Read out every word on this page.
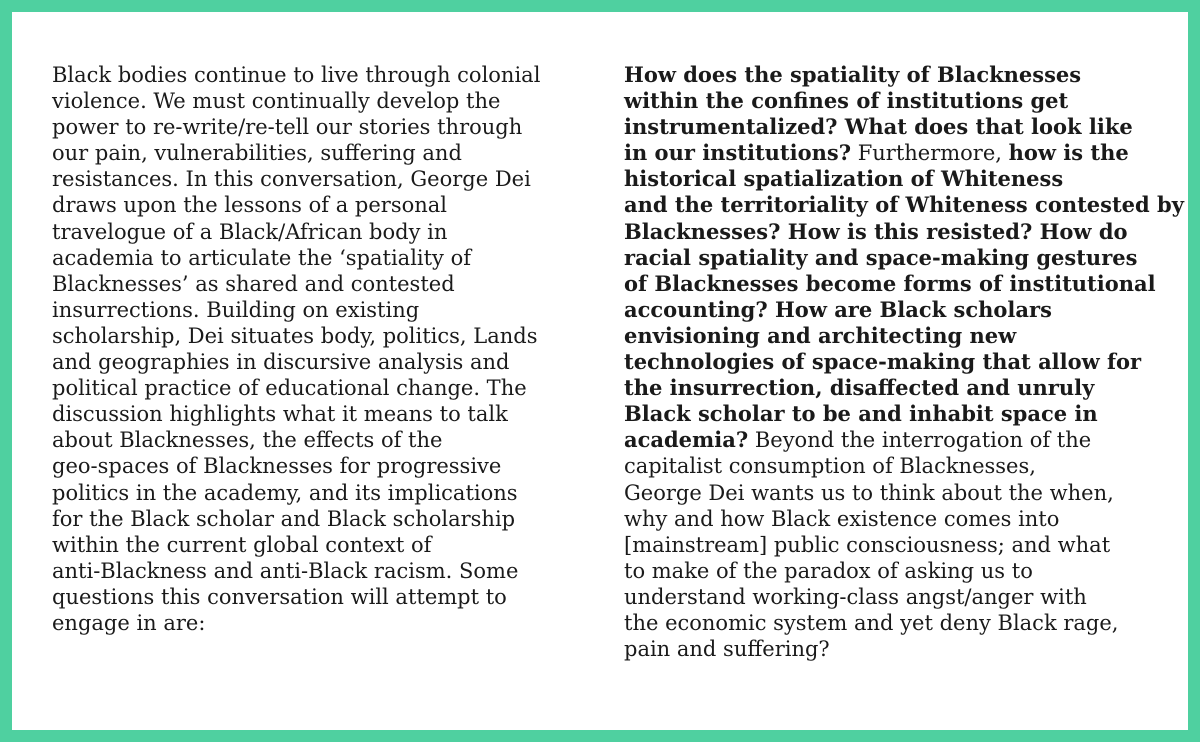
Black bodies continue to live through colonial
violence. We must continually develop the
power to re-write/re-tell our stories through
our pain, vulnerabilities, suffering and
resistances. In this conversation, George Dei
draws upon the lessons of a personal
travelogue of a Black/African body in
academia to articulate the ‘spatiality of
Blacknesses’ as shared and contested
insurrections. Building on existing
scholarship, Dei situates body, politics, Lands
and geographies in discursive analysis and
political practice of educational change. The
discussion highlights what it means to talk
about Blacknesses, the effects of the
geo-spaces of Blacknesses for progressive
politics in the academy, and its implications
for the Black scholar and Black scholarship
within the current global context of
anti-Blackness and anti-Black racism. Some
questions this conversation will attempt to
engage in are:
How does the spatiality of Blacknesses
within the confines of institutions get
instrumentalized? What does that look like
in our institutions? Furthermore, how is the
historical spatialization of Whiteness
and the territoriality of Whiteness contested by
Blacknesses? How is this resisted? How do
racial spatiality and space-making gestures
of Blacknesses become forms of institutional
accounting? How are Black scholars
envisioning and architecting new
technologies of space-making that allow for
the insurrection, disaffected and unruly
Black scholar to be and inhabit space in
academia? Beyond the interrogation of the
capitalist consumption of Blacknesses,
George Dei wants us to think about the when,
why and how Black existence comes into
[mainstream] public consciousness; and what
to make of the paradox of asking us to
understand working-class angst/anger with
the economic system and yet deny Black rage,
pain and suffering?
